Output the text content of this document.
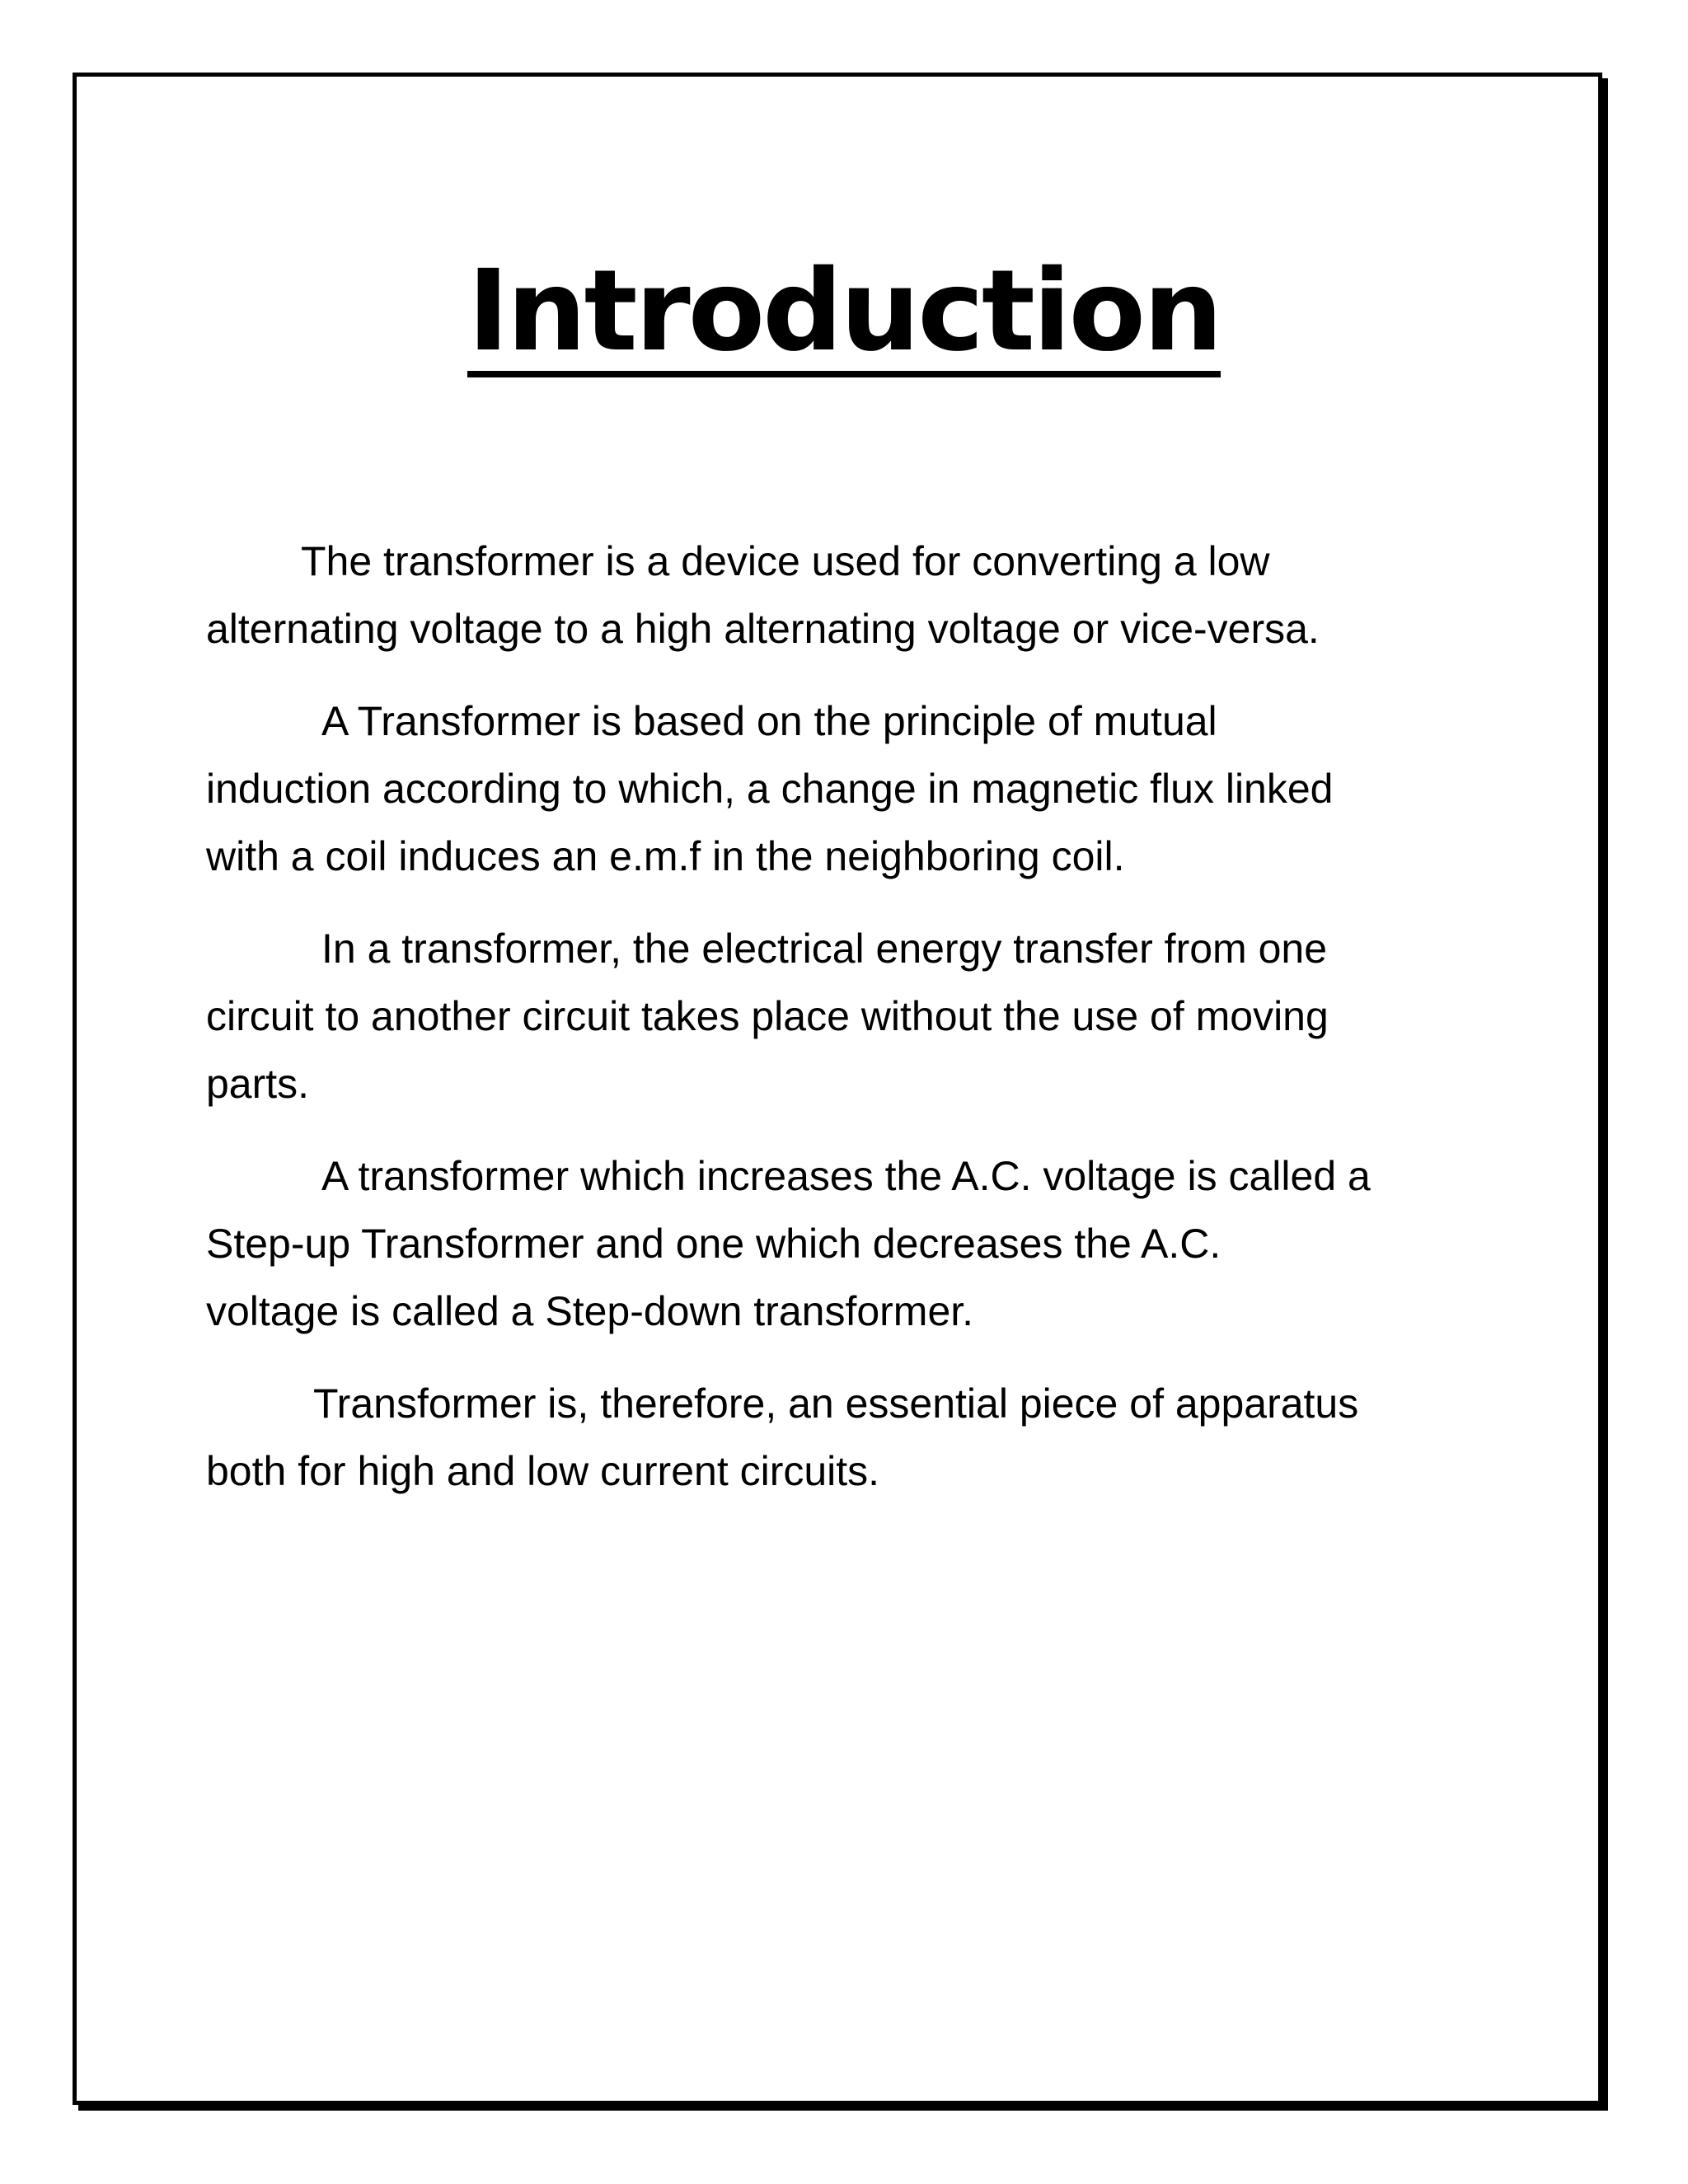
Introduction

The transformer is a device used for converting a low
alternating voltage to a high alternating voltage or vice-versa.

A Transformer is based on the principle of mutual
induction according to which, a change in magnetic flux linked
with a coil induces an e.m.f in the neighboring coil.

In a transformer, the electrical energy transfer from one
circuit to another circuit takes place without the use of moving
parts.

A transformer which increases the A.C. voltage is called a
Step-up Transformer and one which decreases the A.C.
voltage is called a Step-down transformer.

Transformer is, therefore, an essential piece of apparatus
both for high and low current circuits.
